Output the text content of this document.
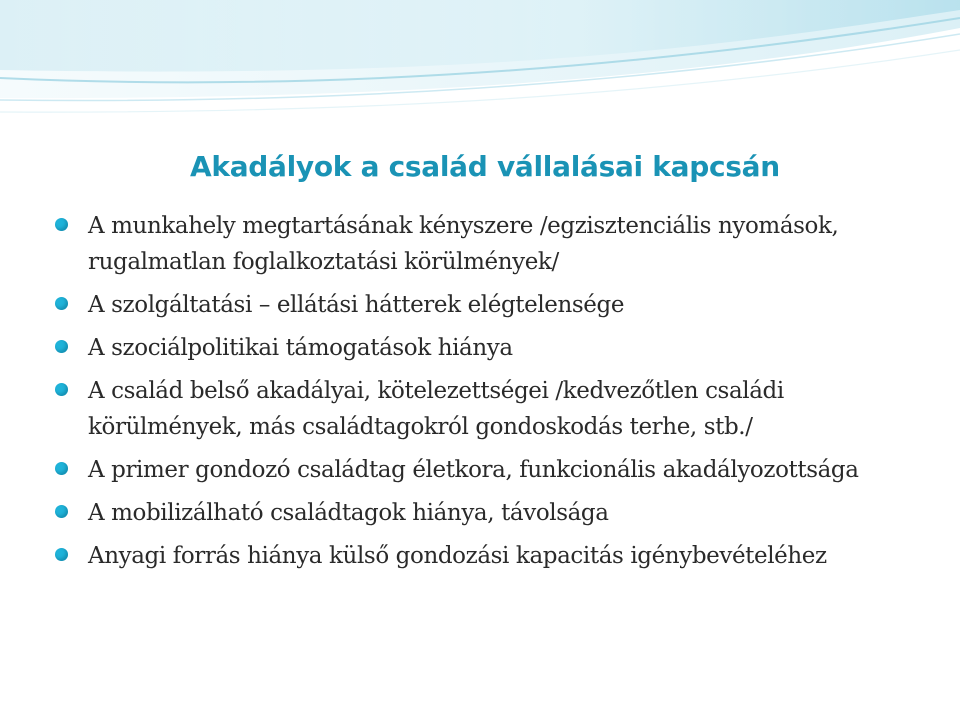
Akadályok a család vállalásai kapcsán
A munkahely megtartásának kényszere /egzisztenciális nyomások, rugalmatlan foglalkoztatási körülmények/
A szolgáltatási – ellátási hátterek elégtelensége
A szociálpolitikai támogatások hiánya
A család belső akadályai, kötelezettségei /kedvezőtlen családi körülmények, más családtagokról gondoskodás terhe, stb./
A primer gondozó családtag életkora, funkcionális akadályozottsága
A mobilizálható családtagok hiánya, távolsága
Anyagi forrás hiánya külső gondozási kapacitás igénybevételéhez
